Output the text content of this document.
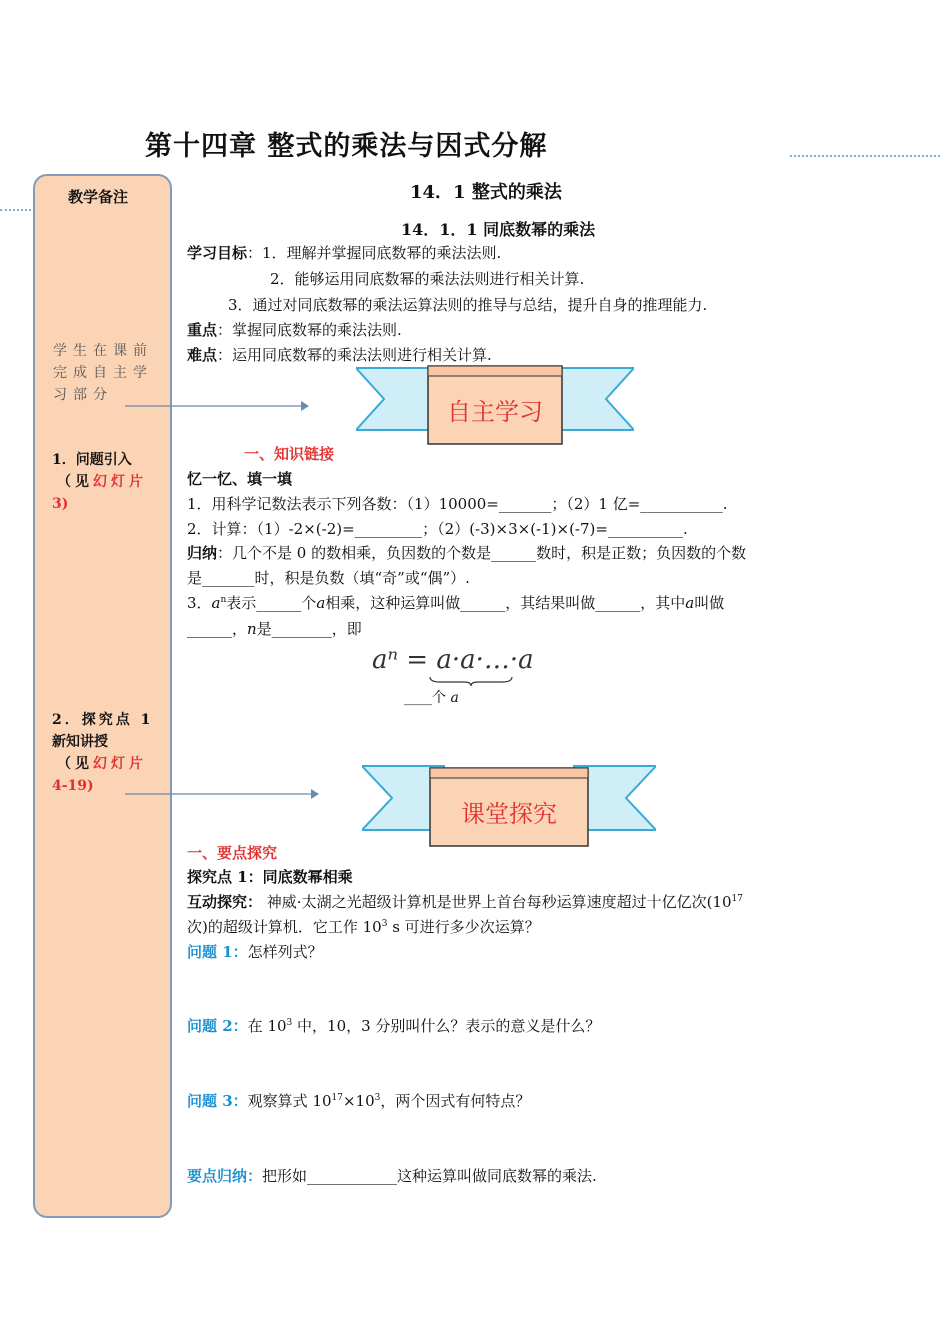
第十四章 整式的乘法与因式分解
教学备注
学生在课前
完成自主学
习部分
1．问题引入
（见幻灯片
3)
2．探究点 1
新知讲授
（见幻灯片
4-19)
14．1 整式的乘法
14．1．1 同底数幂的乘法
学习目标：1．理解并掌握同底数幂的乘法法则.
2．能够运用同底数幂的乘法法则进行相关计算.
3．通过对同底数幂的乘法运算法则的推导与总结，提升自身的推理能力.
重点：掌握同底数幂的乘法法则.
难点：运用同底数幂的乘法法则进行相关计算.
自主学习
一、知识链接
忆一忆、填一填
1．用科学记数法表示下列各数：（1）10000=_______；（2）1 亿=___________.
2．计算：（1）-2×(-2)=_________；（2）(-3)×3×(-1)×(-7)=__________.
归纳：几个不是 0 的数相乘，负因数的个数是______数时，积是正数；负因数的个数
是_______时，积是负数（填“奇”或“偶”）.
3．$a^n$表示______个a相乘，这种运算叫做______，其结果叫做______，其中a叫做
______，n是________，即
aⁿ = a·a·…·a
____个 a
课堂探究
一、要点探究
探究点 1：同底数幂相乘
互动探究： 神威·太湖之光超级计算机是世界上首台每秒运算速度超过十亿亿次($10^{17}$
次)的超级计算机．它工作 $10^3$ s 可进行多少次运算？
问题 1：怎样列式？
问题 2：在 $10^3$ 中，10，3 分别叫什么？表示的意义是什么？
问题 3：观察算式 $10^{17}\times 10^3$，两个因式有何特点？
要点归纳：把形如____________这种运算叫做同底数幂的乘法.
